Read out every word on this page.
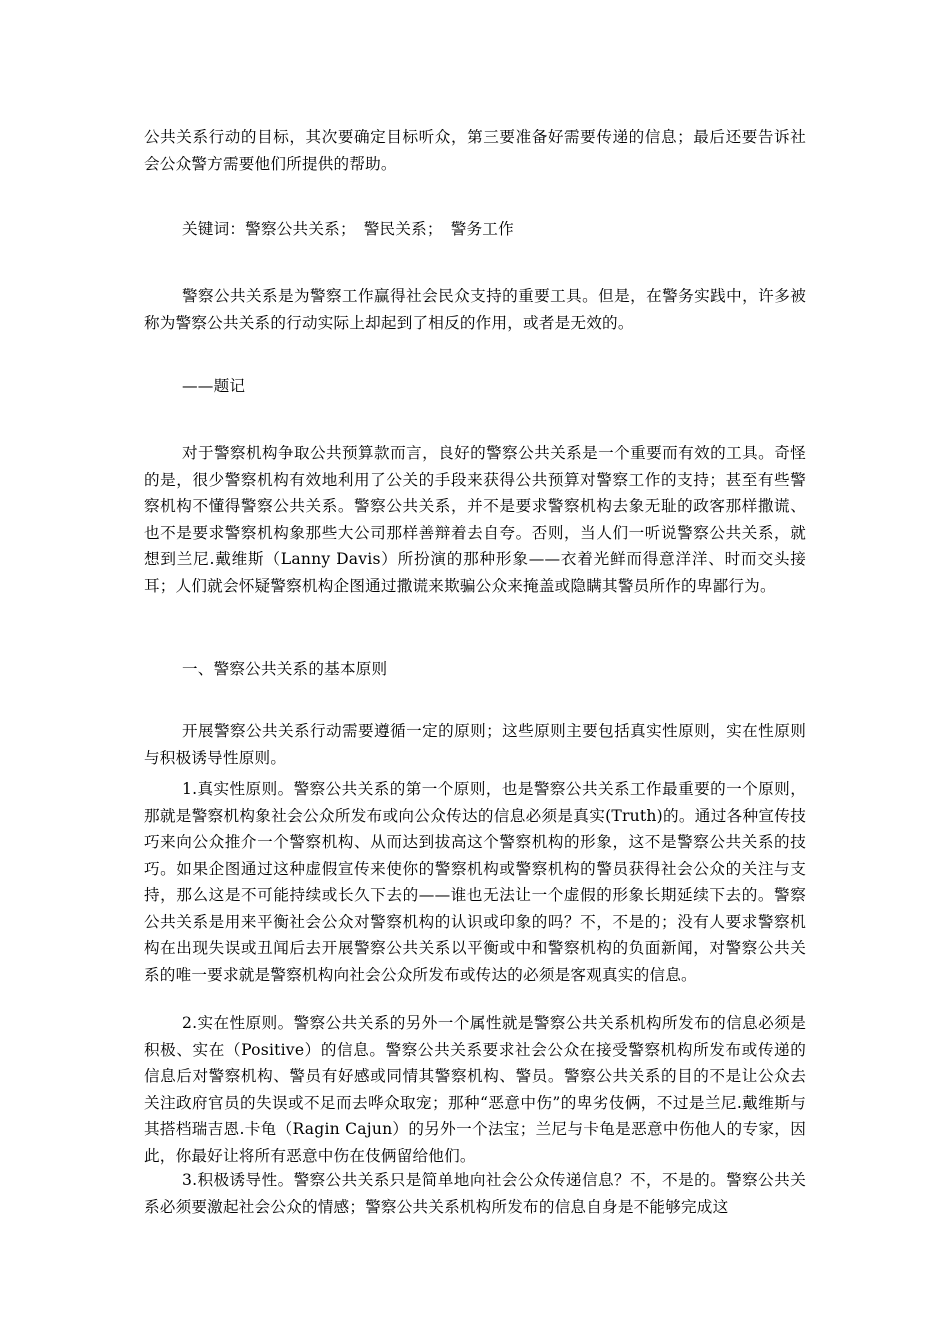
公共关系行动的目标，其次要确定目标听众，第三要准备好需要传递的信息；最后还要告诉社会公众警方需要他们所提供的帮助。

关键词：警察公共关系；　警民关系；　警务工作

警察公共关系是为警察工作赢得社会民众支持的重要工具。但是，在警务实践中，许多被称为警察公共关系的行动实际上却起到了相反的作用，或者是无效的。

——题记

对于警察机构争取公共预算款而言，良好的警察公共关系是一个重要而有效的工具。奇怪的是，很少警察机构有效地利用了公关的手段来获得公共预算对警察工作的支持；甚至有些警察机构不懂得警察公共关系。警察公共关系，并不是要求警察机构去象无耻的政客那样撒谎、也不是要求警察机构象那些大公司那样善辩着去自夸。否则，当人们一听说警察公共关系，就想到兰尼.戴维斯（Lanny Davis）所扮演的那种形象——衣着光鲜而得意洋洋、时而交头接耳；人们就会怀疑警察机构企图通过撒谎来欺骗公众来掩盖或隐瞒其警员所作的卑鄙行为。

一、警察公共关系的基本原则

开展警察公共关系行动需要遵循一定的原则；这些原则主要包括真实性原则，实在性原则与积极诱导性原则。

1.真实性原则。警察公共关系的第一个原则，也是警察公共关系工作最重要的一个原则，那就是警察机构象社会公众所发布或向公众传达的信息必须是真实(Truth)的。通过各种宣传技巧来向公众推介一个警察机构、从而达到拔高这个警察机构的形象，这不是警察公共关系的技巧。如果企图通过这种虚假宣传来使你的警察机构或警察机构的警员获得社会公众的关注与支持，那么这是不可能持续或长久下去的——谁也无法让一个虚假的形象长期延续下去的。警察公共关系是用来平衡社会公众对警察机构的认识或印象的吗？不，不是的；没有人要求警察机构在出现失误或丑闻后去开展警察公共关系以平衡或中和警察机构的负面新闻，对警察公共关系的唯一要求就是警察机构向社会公众所发布或传达的必须是客观真实的信息。

2.实在性原则。警察公共关系的另外一个属性就是警察公共关系机构所发布的信息必须是积极、实在（Positive）的信息。警察公共关系要求社会公众在接受警察机构所发布或传递的信息后对警察机构、警员有好感或同情其警察机构、警员。警察公共关系的目的不是让公众去关注政府官员的失误或不足而去哗众取宠；那种“恶意中伤”的卑劣伎俩，不过是兰尼.戴维斯与其搭档瑞吉恩.卡龟（Ragin Cajun）的另外一个法宝；兰尼与卡龟是恶意中伤他人的专家，因此，你最好让将所有恶意中伤在伎俩留给他们。

3.积极诱导性。警察公共关系只是简单地向社会公众传递信息？不，不是的。警察公共关系必须要激起社会公众的情感；警察公共关系机构所发布的信息自身是不能够完成这
